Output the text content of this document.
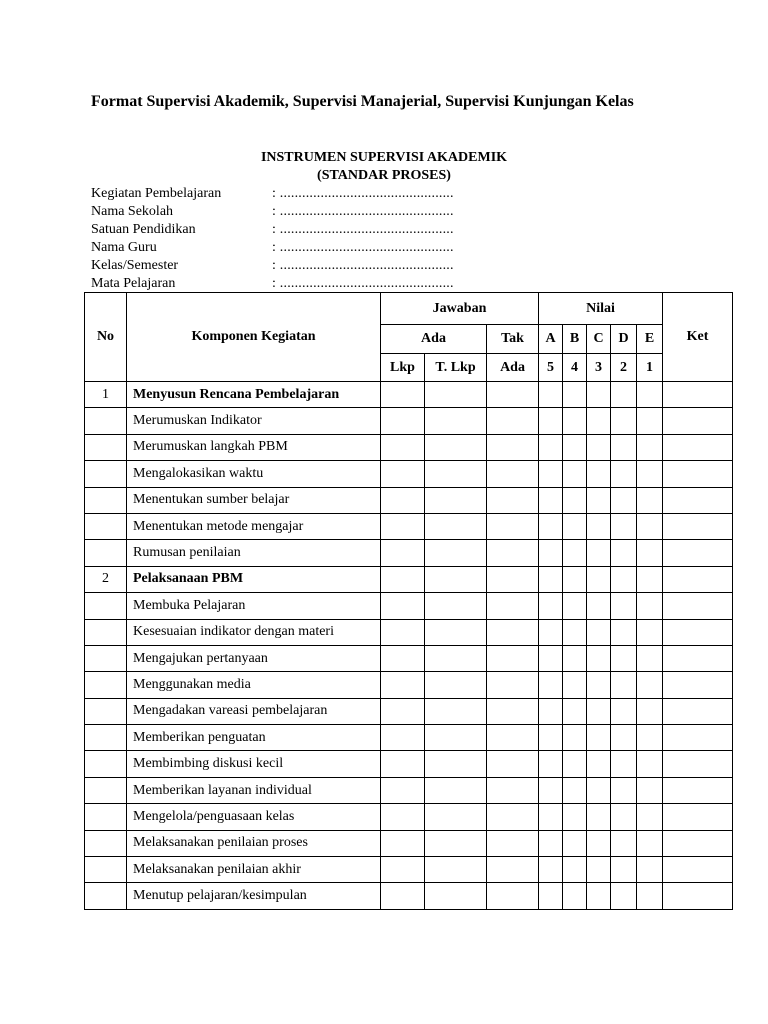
Format Supervisi Akademik, Supervisi Manajerial, Supervisi Kunjungan Kelas
INSTRUMEN SUPERVISI AKADEMIK
(STANDAR PROSES)
Kegiatan Pembelajaran	: ...............................................
Nama Sekolah	: ...............................................
Satuan Pendidikan	: ...............................................
Nama Guru	: ...............................................
Kelas/Semester	: ...............................................
Mata Pelajaran	: ...............................................
No	Komponen Kegiatan	Jawaban			Nilai					Ket
		Ada		Tak	A	B	C	D	E	
		Lkp	T. Lkp	Ada	5	4	3	2	1	
1	Menyusun Rencana Pembelajaran									
	Merumuskan Indikator									
	Merumuskan langkah PBM									
	Mengalokasikan waktu									
	Menentukan sumber belajar									
	Menentukan metode mengajar									
	Rumusan penilaian									
2	Pelaksanaan PBM									
	Membuka Pelajaran									
	Kesesuaian indikator dengan materi									
	Mengajukan pertanyaan									
	Menggunakan media									
	Mengadakan vareasi pembelajaran									
	Memberikan penguatan									
	Membimbing diskusi kecil									
	Memberikan layanan individual									
	Mengelola/penguasaan kelas									
	Melaksanakan penilaian proses									
	Melaksanakan penilaian akhir									
	Menutup pelajaran/kesimpulan									
